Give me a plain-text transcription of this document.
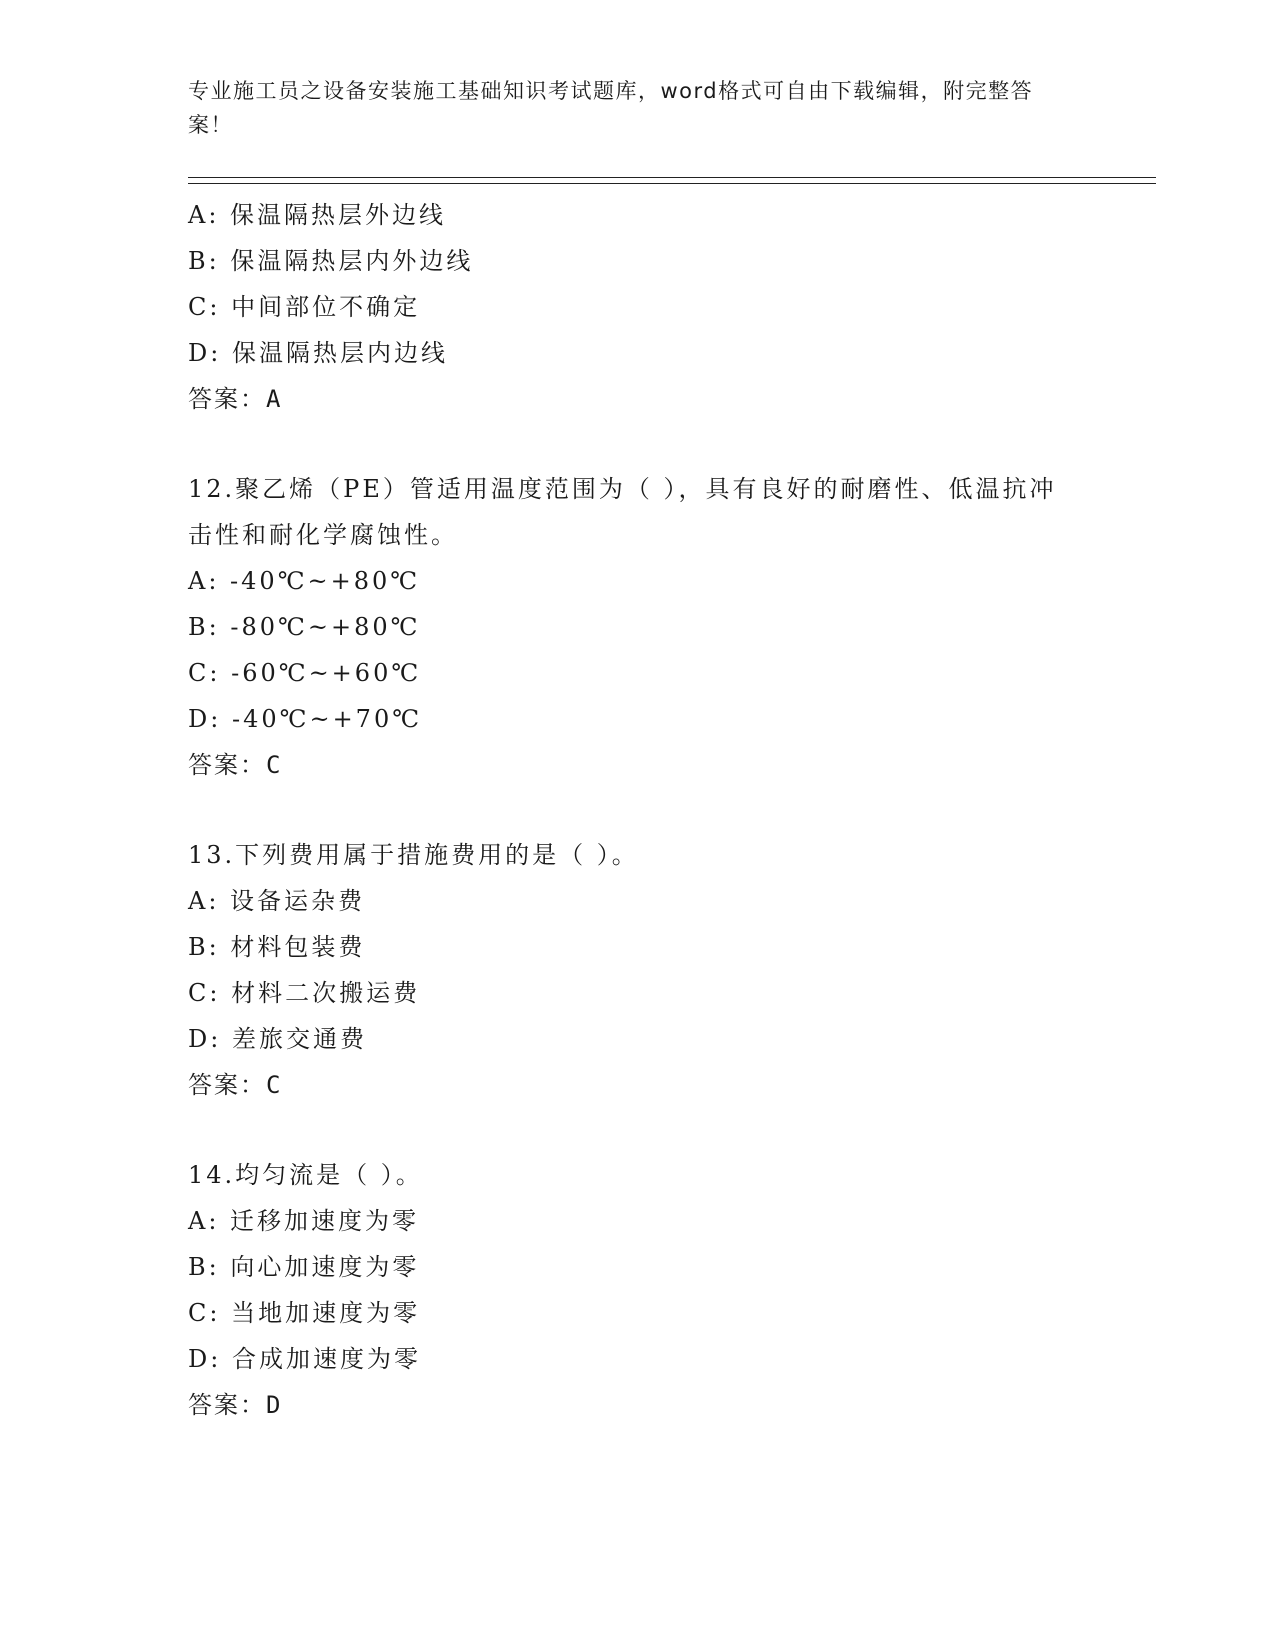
专业施工员之设备安装施工基础知识考试题库，word格式可自由下载编辑，附完整答案！
A: 保温隔热层外边线
B: 保温隔热层内外边线
C: 中间部位不确定
D: 保温隔热层内边线
答案：A
12.聚乙烯（PE）管适用温度范围为（ ），具有良好的耐磨性、低温抗冲击性和耐化学腐蚀性。
A: -40℃~+80℃
B: -80℃~+80℃
C: -60℃~+60℃
D: -40℃~+70℃
答案：C
13.下列费用属于措施费用的是（ ）。
A: 设备运杂费
B: 材料包装费
C: 材料二次搬运费
D: 差旅交通费
答案：C
14.均匀流是（ ）。
A: 迁移加速度为零
B: 向心加速度为零
C: 当地加速度为零
D: 合成加速度为零
答案：D
